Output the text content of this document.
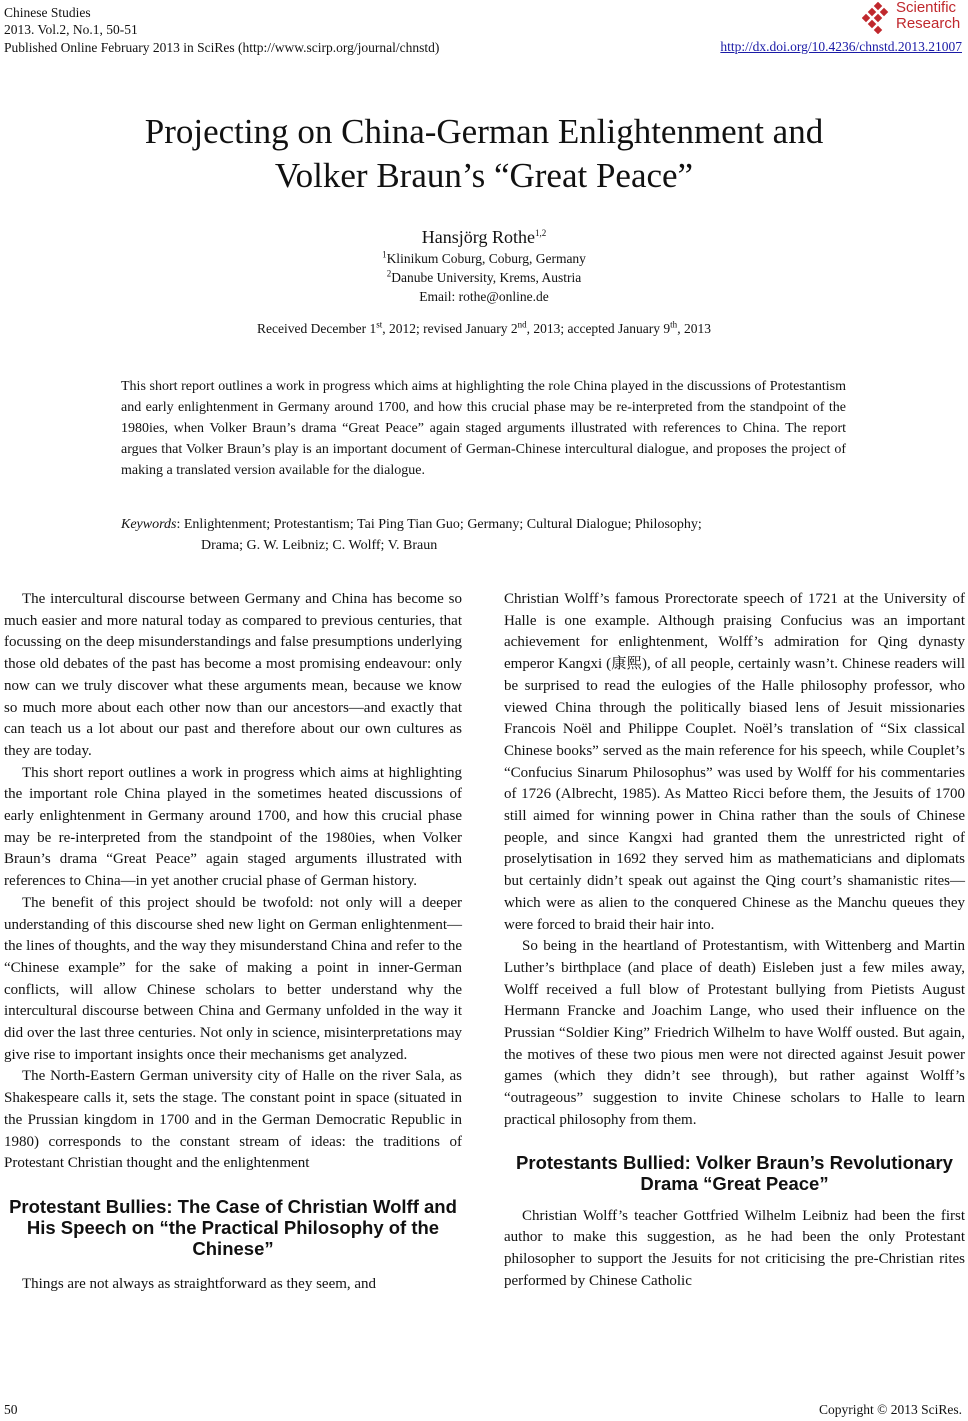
Chinese Studies
2013. Vol.2, No.1, 50-51
Published Online February 2013 in SciRes (http://www.scirp.org/journal/chnstd)	http://dx.doi.org/10.4236/chnstd.2013.21007
Scientific
Research
Projecting on China-German Enlightenment and
Volker Braun’s “Great Peace”
Hansjörg Rothe$^{1,2}$
$^1$Klinikum Coburg, Coburg, Germany
$^2$Danube University, Krems, Austria
Email: rothe@online.de
Received December 1st, 2012; revised January 2nd, 2013; accepted January 9th, 2013
This short report outlines a work in progress which aims at highlighting the role China played in the discussions of Protestantism and early enlightenment in Germany around 1700, and how this crucial phase may be re-interpreted from the standpoint of the 1980ies, when Volker Braun’s drama “Great Peace” again staged arguments illustrated with references to China. The report argues that Volker Braun’s play is an important document of German-Chinese intercultural dialogue, and proposes the project of making a translated version available for the dialogue.
Keywords: Enlightenment; Protestantism; Tai Ping Tian Guo; Germany; Cultural Dialogue; Philosophy;
Drama; G. W. Leibniz; C. Wolff; V. Braun

The intercultural discourse between Germany and China has become so much easier and more natural today as compared to previous centuries, that focussing on the deep misunderstandings and false presumptions underlying those old debates of the past has become a most promising endeavour: only now can we truly discover what these arguments mean, because we know so much more about each other now than our ancestors—and exactly that can teach us a lot about our past and therefore about our own cultures as they are today.

This short report outlines a work in progress which aims at highlighting the important role China played in the sometimes heated discussions of early enlightenment in Germany around 1700, and how this crucial phase may be re-interpreted from the standpoint of the 1980ies, when Volker Braun’s drama “Great Peace” again staged arguments illustrated with references to China—in yet another crucial phase of German history.

The benefit of this project should be twofold: not only will a deeper understanding of this discourse shed new light on German enlightenment—the lines of thoughts, and the way they misunderstand China and refer to the “Chinese example” for the sake of making a point in inner-German conflicts, will allow Chinese scholars to better understand why the intercultural discourse between China and Germany unfolded in the way it did over the last three centuries. Not only in science, misinterpretations may give rise to important insights once their mechanisms get analyzed.

The North-Eastern German university city of Halle on the river Sala, as Shakespeare calls it, sets the stage. The constant point in space (situated in the Prussian kingdom in 1700 and in the German Democratic Republic in 1980) corresponds to the constant stream of ideas: the traditions of Protestant Christian thought and the enlightenment

Protestant Bullies: The Case of Christian Wolff and His Speech on “the Practical Philosophy of the Chinese”

Things are not always as straightforward as they seem, and

Christian Wolff’s famous Prorectorate speech of 1721 at the University of Halle is one example. Although praising Confucius was an important achievement for enlightenment, Wolff’s admiration for Qing dynasty emperor Kangxi (康熙), of all people, certainly wasn’t. Chinese readers will be surprised to read the eulogies of the Halle philosophy professor, who viewed China through the politically biased lens of Jesuit missionaries Francois Noël and Philippe Couplet. Noël’s translation of “Six classical Chinese books” served as the main reference for his speech, while Couplet’s “Confucius Sinarum Philosophus” was used by Wolff for his commentaries of 1726 (Albrecht, 1985). As Matteo Ricci before them, the Jesuits of 1700 still aimed for winning power in China rather than the souls of Chinese people, and since Kangxi had granted them the unrestricted right of proselytisation in 1692 they served him as mathematicians and diplomats but certainly didn’t speak out against the Qing court’s shamanistic rites—which were as alien to the conquered Chinese as the Manchu queues they were forced to braid their hair into.

So being in the heartland of Protestantism, with Wittenberg and Martin Luther’s birthplace (and place of death) Eisleben just a few miles away, Wolff received a full blow of Protestant bullying from Pietists August Hermann Francke and Joachim Lange, who used their influence on the Prussian “Soldier King” Friedrich Wilhelm to have Wolff ousted. But again, the motives of these two pious men were not directed against Jesuit power games (which they didn’t see through), but rather against Wolff’s “outrageous” suggestion to invite Chinese scholars to Halle to learn practical philosophy from them.

Protestants Bullied: Volker Braun’s Revolutionary Drama “Great Peace”

Christian Wolff’s teacher Gottfried Wilhelm Leibniz had been the first author to make this suggestion, as he had been the only Protestant philosopher to support the Jesuits for not criticising the pre-Christian rites performed by Chinese Catholic

50	Copyright © 2013 SciRes.
